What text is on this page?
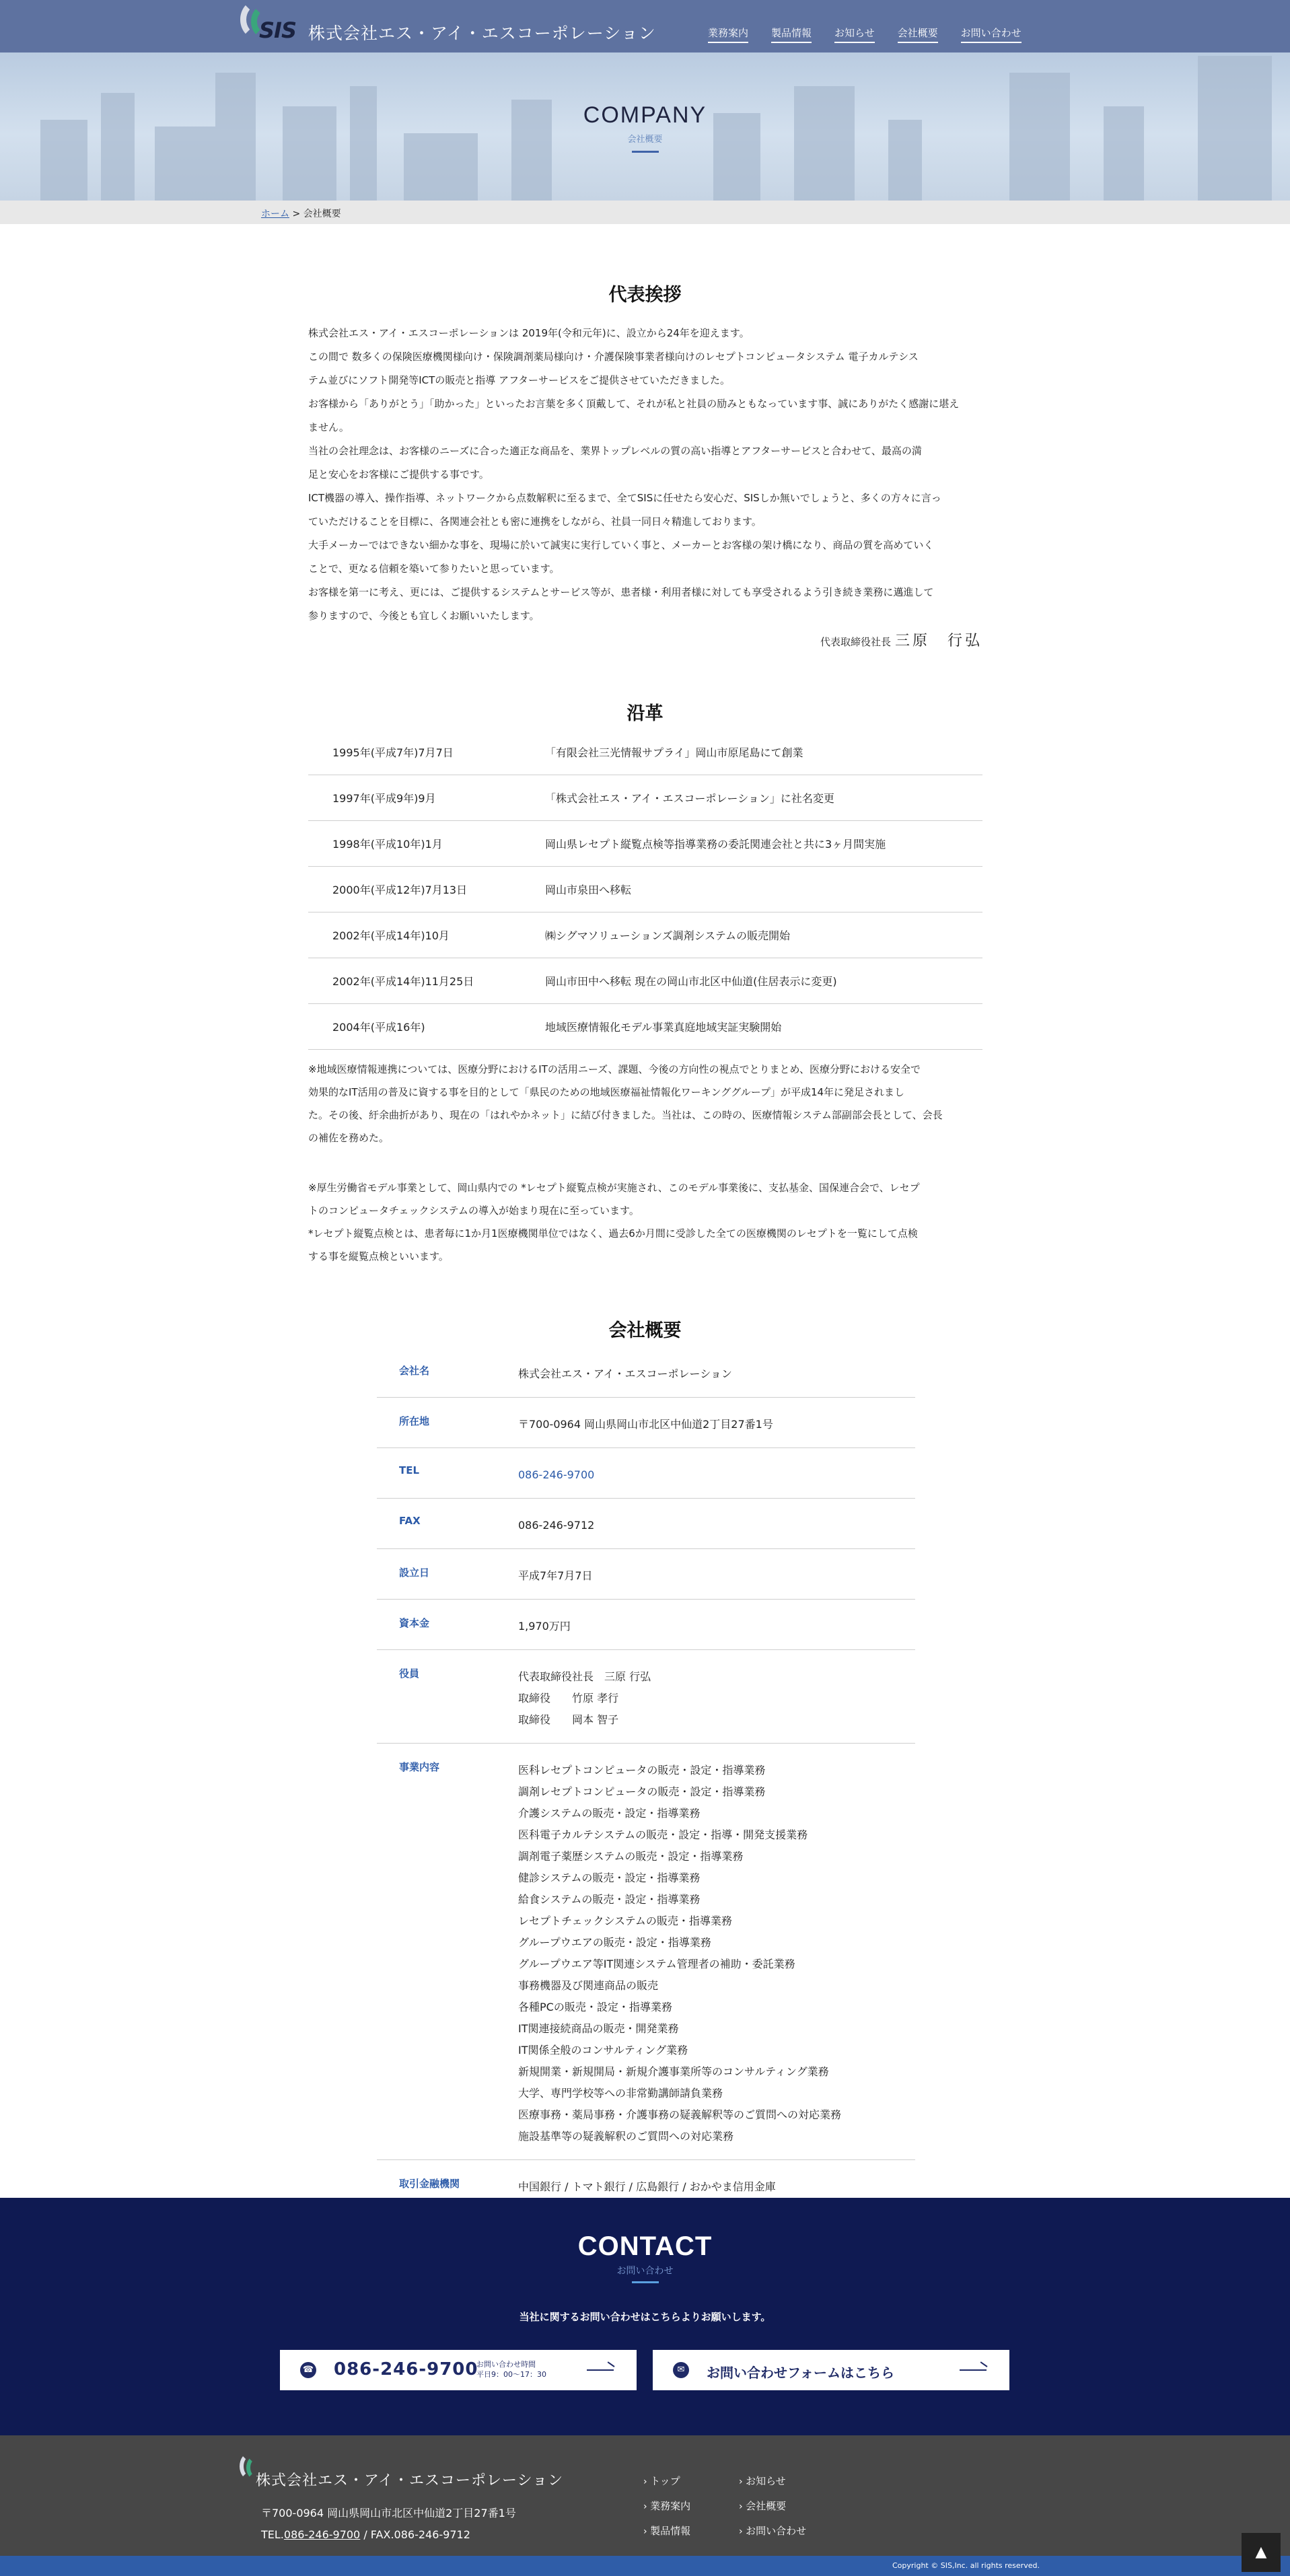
SIS 株式会社エス・アイ・エスコーポレーション	業務案内 製品情報 お知らせ 会社概要 お問い合わせ
COMPANY
会社概要
ホーム > 会社概要
代表挨拶
株式会社エス・アイ・エスコーポレーションは 2019年(令和元年)に、設立から24年を迎えます。
この間で 数多くの保険医療機関様向け・保険調剤薬局様向け・介護保険事業者様向けのレセプトコンピュータシステム 電子カルテシス
テム並びにソフト開発等ICTの販売と指導 アフターサービスをご提供させていただきました。
お客様から「ありがとう」「助かった」といったお言葉を多く頂戴して、それが私と社員の励みともなっています事、誠にありがたく感謝に堪え
ません。
当社の会社理念は、お客様のニーズに合った適正な商品を、業界トップレベルの質の高い指導とアフターサービスと合わせて、最高の満
足と安心をお客様にご提供する事です。
ICT機器の導入、操作指導、ネットワークから点数解釈に至るまで、全てSISに任せたら安心だ、SISしか無いでしょうと、多くの方々に言っ
ていただけることを目標に、各関連会社とも密に連携をしながら、社員一同日々精進しております。
大手メーカーではできない細かな事を、現場に於いて誠実に実行していく事と、メーカーとお客様の架け橋になり、商品の質を高めていく
ことで、更なる信頼を築いて参りたいと思っています。
お客様を第一に考え、更には、ご提供するシステムとサービス等が、患者様・利用者様に対しても享受されるよう引き続き業務に邁進して
参りますので、今後とも宜しくお願いいたします。
代表取締役社長 三原　行弘
沿革
1995年(平成7年)7月7日	「有限会社三光情報サプライ」岡山市原尾島にて創業
1997年(平成9年)9月	「株式会社エス・アイ・エスコーポレーション」に社名変更
1998年(平成10年)1月	岡山県レセプト縦覧点検等指導業務の委託関連会社と共に3ヶ月間実施
2000年(平成12年)7月13日	岡山市泉田へ移転
2002年(平成14年)10月	㈱シグマソリューションズ調剤システムの販売開始
2002年(平成14年)11月25日	岡山市田中へ移転 現在の岡山市北区中仙道(住居表示に変更)
2004年(平成16年)	地域医療情報化モデル事業真庭地域実証実験開始
※地域医療情報連携については、医療分野におけるITの活用ニーズ、課題、今後の方向性の視点でとりまとめ、医療分野における安全で
効果的なIT活用の普及に資する事を目的として「県民のための地域医療福祉情報化ワーキンググループ」が平成14年に発足されまし
た。その後、紆余曲折があり、現在の「はれやかネット」に結び付きました。当社は、この時の、医療情報システム部副部会長として、会長
の補佐を務めた。
※厚生労働省モデル事業として、岡山県内での *レセプト縦覧点検が実施され、このモデル事業後に、支払基金、国保連合会で、レセプ
トのコンピュータチェックシステムの導入が始まり現在に至っています。
*レセプト縦覧点検とは、患者毎に1か月1医療機関単位ではなく、過去6か月間に受診した全ての医療機関のレセプトを一覧にして点検
する事を縦覧点検といいます。
会社概要
会社名	株式会社エス・アイ・エスコーポレーション
所在地	〒700-0964 岡山県岡山市北区中仙道2丁目27番1号
TEL	086-246-9700
FAX	086-246-9712
設立日	平成7年7月7日
資本金	1,970万円
役員	代表取締役社長　三原 行弘
取締役　　竹原 孝行
取締役　　岡本 智子
事業内容	医科レセプトコンピュータの販売・設定・指導業務
調剤レセプトコンピュータの販売・設定・指導業務
介護システムの販売・設定・指導業務
医科電子カルテシステムの販売・設定・指導・開発支援業務
調剤電子薬歴システムの販売・設定・指導業務
健診システムの販売・設定・指導業務
給食システムの販売・設定・指導業務
レセプトチェックシステムの販売・指導業務
グループウエアの販売・設定・指導業務
グループウエア等IT関連システム管理者の補助・委託業務
事務機器及び関連商品の販売
各種PCの販売・設定・指導業務
IT関連接続商品の販売・開発業務
IT関係全般のコンサルティング業務
新規開業・新規開局・新規介護事業所等のコンサルティング業務
大学、専門学校等への非常勤講師請負業務
医療事務・薬局事務・介護事務の疑義解釈等のご質問への対応業務
施設基準等の疑義解釈のご質問への対応業務
取引金融機関	中国銀行 / トマト銀行 / 広島銀行 / おかやま信用金庫
CONTACT
お問い合わせ
当社に関するお問い合わせはこちらよりお願いします。
☎ 086-246-9700
お問い合わせ時間
平日9：00〜17：30	✉	お問い合わせフォームはこちら
株式会社エス・アイ・エスコーポレーション
〒700-0964 岡山県岡山市北区中仙道2丁目27番1号
TEL.086-246-9700 / FAX.086-246-9712
› トップ
› 業務案内
› 製品情報
› お知らせ
› 会社概要
› お問い合わせ
Copyright © SIS,Inc. all rights reserved.
▲
